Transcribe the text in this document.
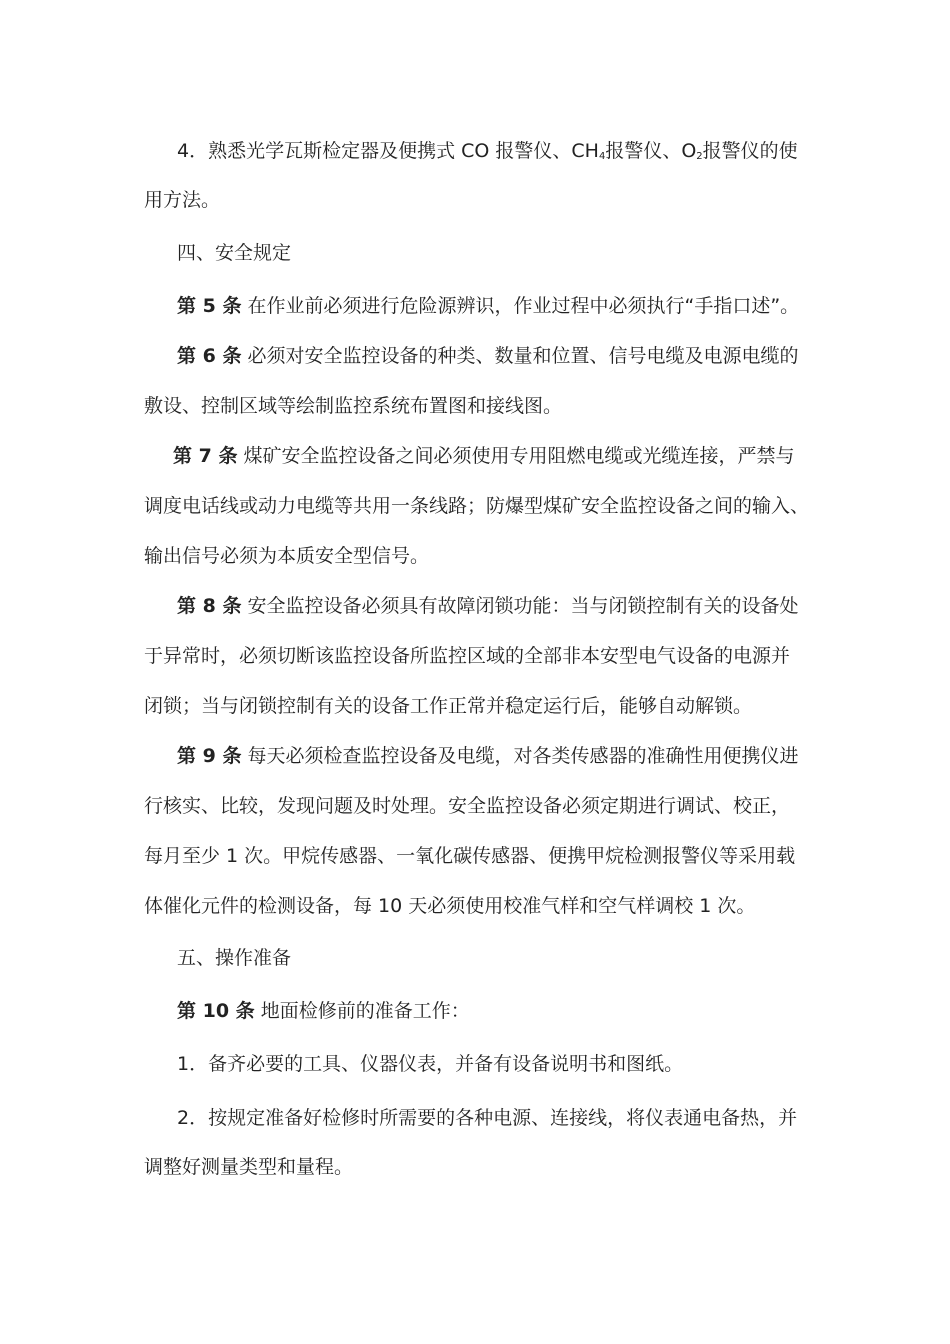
4．熟悉光学瓦斯检定器及便携式 CO 报警仪、$CH_4$报警仪、$O_2$报警仪的使
用方法。
四、安全规定
第 5 条 在作业前必须进行危险源辨识，作业过程中必须执行“手指口述”。
第 6 条 必须对安全监控设备的种类、数量和位置、信号电缆及电源电缆的
敷设、控制区域等绘制监控系统布置图和接线图。
第 7 条 煤矿安全监控设备之间必须使用专用阻燃电缆或光缆连接，严禁与
调度电话线或动力电缆等共用一条线路；防爆型煤矿安全监控设备之间的输入、
输出信号必须为本质安全型信号。
第 8 条 安全监控设备必须具有故障闭锁功能：当与闭锁控制有关的设备处
于异常时，必须切断该监控设备所监控区域的全部非本安型电气设备的电源并
闭锁；当与闭锁控制有关的设备工作正常并稳定运行后，能够自动解锁。
第 9 条 每天必须检查监控设备及电缆，对各类传感器的准确性用便携仪进
行核实、比较，发现问题及时处理。安全监控设备必须定期进行调试、校正，
每月至少 1 次。甲烷传感器、一氧化碳传感器、便携甲烷检测报警仪等采用载
体催化元件的检测设备，每 10 天必须使用校准气样和空气样调校 1 次。
五、操作准备
第 10 条 地面检修前的准备工作：
1．备齐必要的工具、仪器仪表，并备有设备说明书和图纸。
2．按规定准备好检修时所需要的各种电源、连接线，将仪表通电备热，并
调整好测量类型和量程。
